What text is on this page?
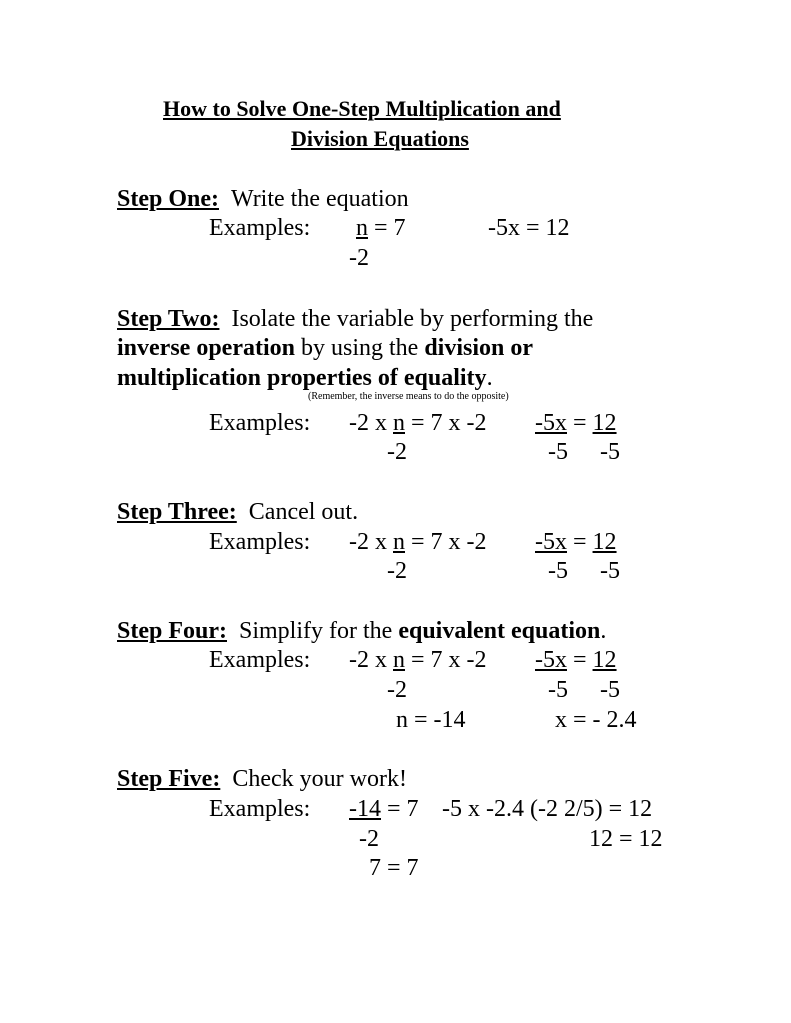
How to Solve One-Step Multiplication and
Division Equations
Step One: Write the equation
Examples: n = 7
-2
-5x = 12
Step Two: Isolate the variable by performing the
inverse operation by using the division or
multiplication properties of equality.
(Remember, the inverse means to do the opposite)
Examples: -2 x n = 7 x -2
-2
-5x = 12
-5 -5
Step Three: Cancel out.
Examples: -2 x n = 7 x -2
-2
-5x = 12
-5 -5
Step Four: Simplify for the equivalent equation.
Examples: -2 x n = 7 x -2
-2
-5x = 12
-5 -5
n = -14	x = - 2.4
Step Five: Check your work!
Examples: -14 = 7
-2
7 = 7
-5 x -2.4 (-2 2/5) = 12
12 = 12
